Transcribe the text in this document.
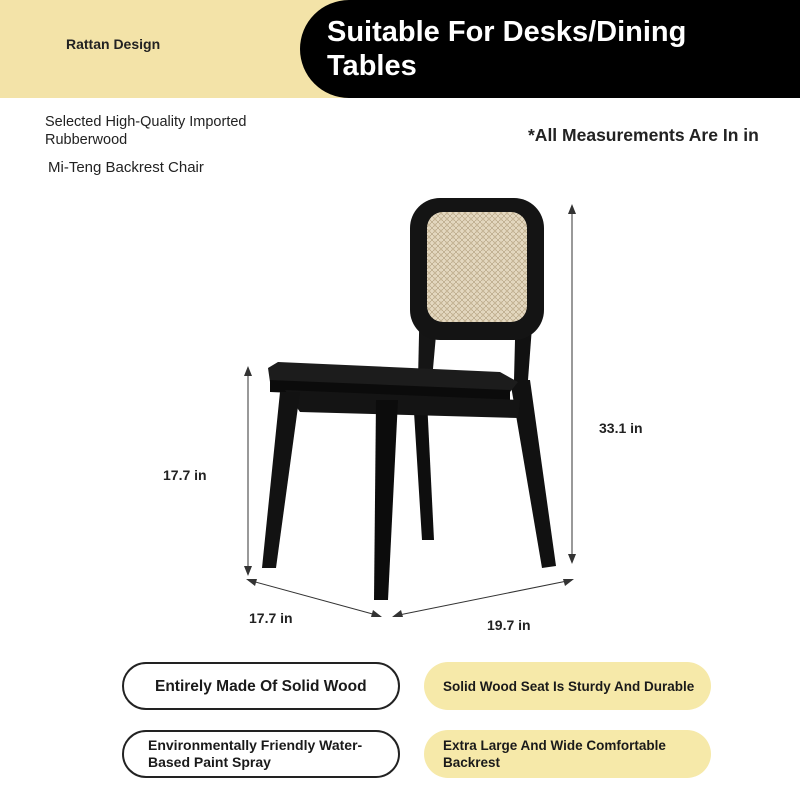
Rattan Design	Suitable For Desks/Dining Tables
Selected High-Quality Imported Rubberwood
Mi-Teng Backrest Chair
*All Measurements Are In in
17.7 in
33.1 in
17.7 in	19.7 in
Entirely Made Of Solid Wood
Environmentally Friendly Water-Based Paint Spray
Solid Wood Seat Is Sturdy And Durable
Extra Large And Wide Comfortable Backrest
